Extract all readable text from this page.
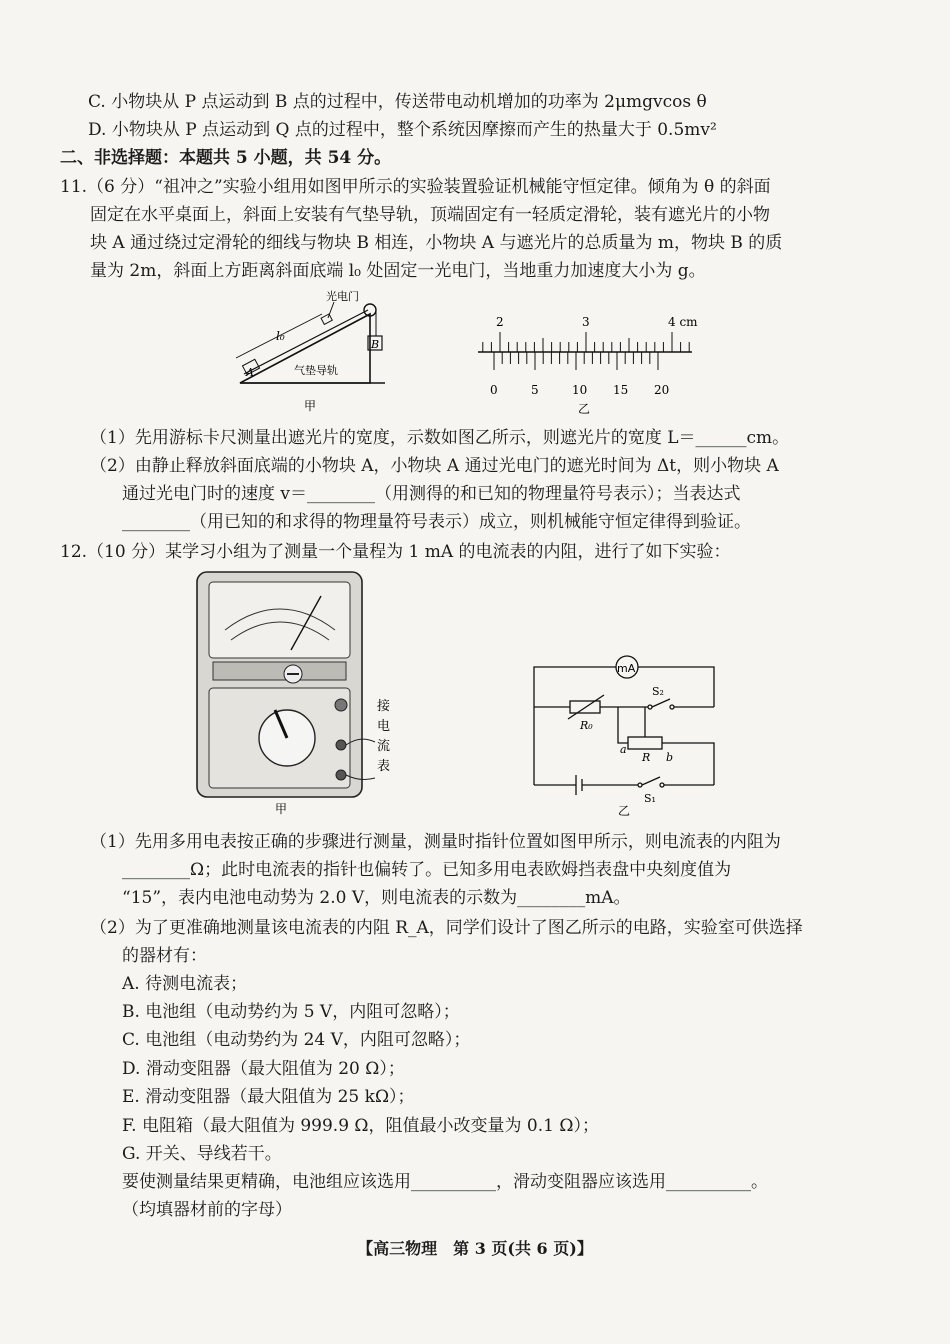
C. 小物块从 P 点运动到 B 点的过程中，传送带电动机增加的功率为 2μmgvcos θ
D. 小物块从 P 点运动到 Q 点的过程中，整个系统因摩擦而产生的热量大于 0.5mv²
二、非选择题：本题共 5 小题，共 54 分。
11.（6 分）“祖冲之”实验小组用如图甲所示的实验装置验证机械能守恒定律。倾角为 θ 的斜面
固定在水平桌面上，斜面上安装有气垫导轨，顶端固定有一轻质定滑轮，装有遮光片的小物
块 A 通过绕过定滑轮的细线与物块 B 相连，小物块 A 与遮光片的总质量为 m，物块 B 的质
量为 2m，斜面上方距离斜面底端 l₀ 处固定一光电门，当地重力加速度大小为 g。
光电门
l₀
A
B
气垫导轨
甲	乙
2	3	4 cm
0	5	10 15 20
（1）先用游标卡尺测量出遮光片的宽度，示数如图乙所示，则遮光片的宽度 L＝______cm。
（2）由静止释放斜面底端的小物块 A，小物块 A 通过光电门的遮光时间为 Δt，则小物块 A
通过光电门时的速度 v＝________（用测得的和已知的物理量符号表示）；当表达式
________（用已知的和求得的物理量符号表示）成立，则机械能守恒定律得到验证。
12.（10 分）某学习小组为了测量一个量程为 1 mA 的电流表的内阻，进行了如下实验：
接
电
流
表
甲
mA
S₂
R₀
a
R b
S₁
乙
（1）先用多用电表按正确的步骤进行测量，测量时指针位置如图甲所示，则电流表的内阻为
________Ω；此时电流表的指针也偏转了。已知多用电表欧姆挡表盘中央刻度值为
“15”，表内电池电动势为 2.0 V，则电流表的示数为________mA。
（2）为了更准确地测量该电流表的内阻 R_A，同学们设计了图乙所示的电路，实验室可供选择
的器材有：
A. 待测电流表；
B. 电池组（电动势约为 5 V，内阻可忽略）；
C. 电池组（电动势约为 24 V，内阻可忽略）；
D. 滑动变阻器（最大阻值为 20 Ω）；
E. 滑动变阻器（最大阻值为 25 kΩ）；
F. 电阻箱（最大阻值为 999.9 Ω，阻值最小改变量为 0.1 Ω）；
G. 开关、导线若干。
要使测量结果更精确，电池组应该选用__________，滑动变阻器应该选用__________。
（均填器材前的字母）
【高三物理　第 3 页(共 6 页)】
